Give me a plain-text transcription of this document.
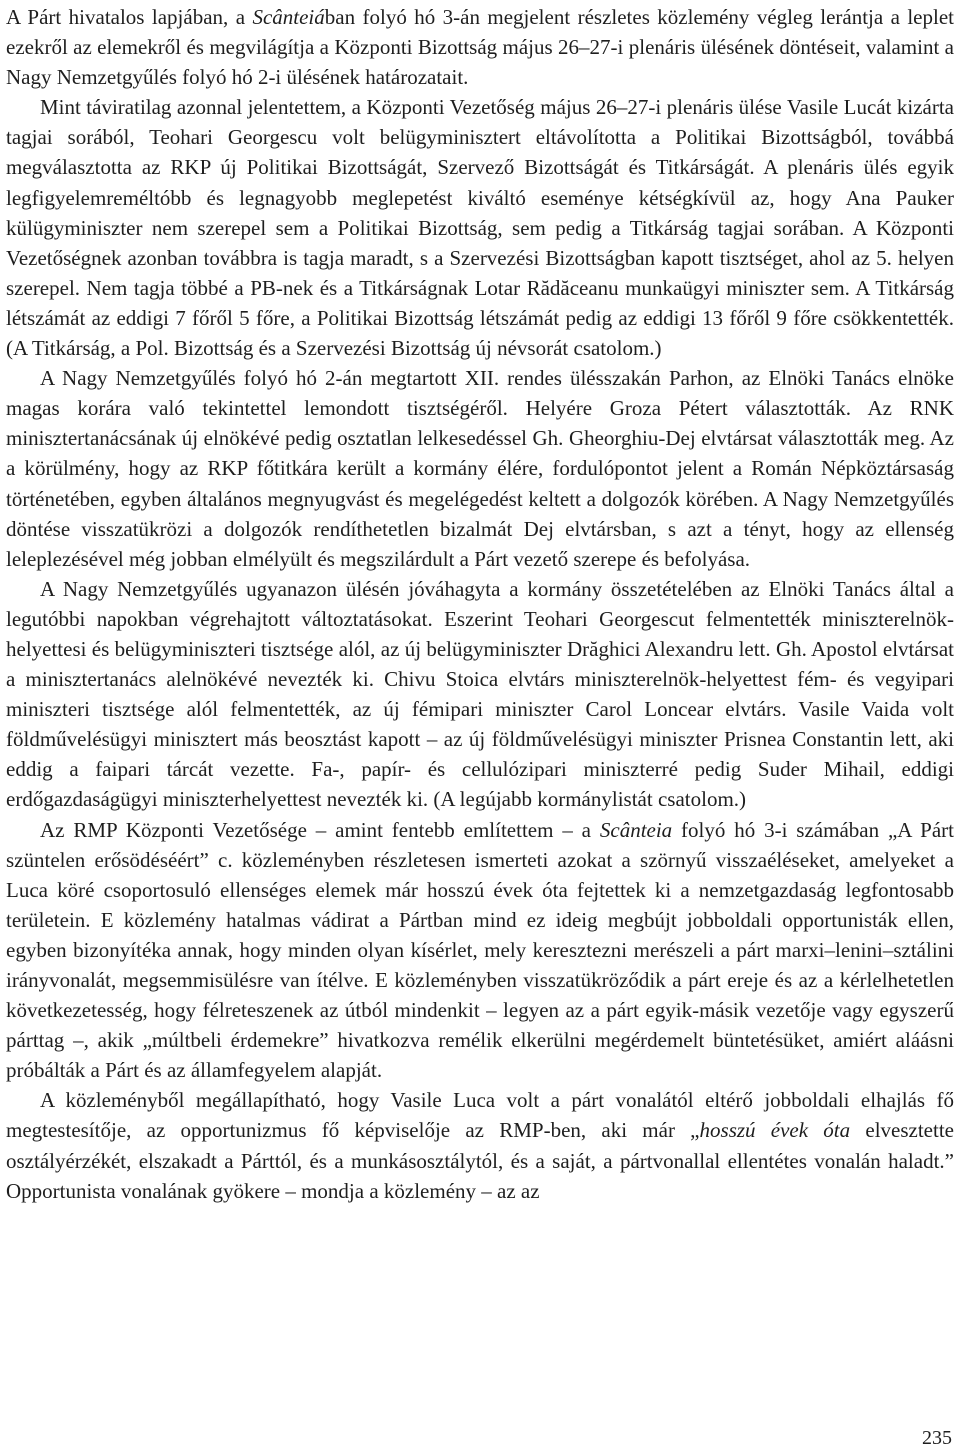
A Párt hivatalos lapjában, a Scânteiában folyó hó 3-án megjelent részletes közlemény végleg lerántja a leplet ezekről az elemekről és megvilágítja a Központi Bizottság május 26–27-i plenáris ülésének döntéseit, valamint a Nagy Nemzetgyűlés folyó hó 2-i ülésének határozatait.

Mint táviratilag azonnal jelentettem, a Központi Vezetőség május 26–27-i plenáris ülése Vasile Lucát kizárta tagjai sorából, Teohari Georgescu volt belügyminisztert eltávolította a Politikai Bizottságból, továbbá megválasztotta az RKP új Politikai Bizottságát, Szervező Bizottságát és Titkárságát. A plenáris ülés egyik legfigyelemreméltóbb és legnagyobb meglepetést kiváltó eseménye kétségkívül az, hogy Ana Pauker külügyminiszter nem szerepel sem a Politikai Bizottság, sem pedig a Titkárság tagjai sorában. A Központi Vezetőségnek azonban továbbra is tagja maradt, s a Szervezési Bizottságban kapott tisztséget, ahol az 5. helyen szerepel. Nem tagja többé a PB-nek és a Titkárságnak Lotar Rădăceanu munkaügyi miniszter sem. A Titkárság létszámát az eddigi 7 főről 5 főre, a Politikai Bizottság létszámát pedig az eddigi 13 főről 9 főre csökkentették. (A Titkárság, a Pol. Bizottság és a Szervezési Bizottság új névsorát csatolom.)

A Nagy Nemzetgyűlés folyó hó 2-án megtartott XII. rendes ülésszakán Parhon, az Elnöki Tanács elnöke magas korára való tekintettel lemondott tisztségéről. Helyére Groza Pétert választották. Az RNK minisztertanácsának új elnökévé pedig osztatlan lelkesedéssel Gh. Gheorghiu-Dej elvtársat választották meg. Az a körülmény, hogy az RKP főtitkára került a kormány élére, fordulópontot jelent a Román Népköztársaság történetében, egyben általános megnyugvást és megelégedést keltett a dolgozók körében. A Nagy Nemzetgyűlés döntése visszatükrözi a dolgozók rendíthetetlen bizalmát Dej elvtársban, s azt a tényt, hogy az ellenség leleplezésével még jobban elmélyült és megszilárdult a Párt vezető szerepe és befolyása.

A Nagy Nemzetgyűlés ugyanazon ülésén jóváhagyta a kormány összetételében az Elnöki Tanács által a legutóbbi napokban végrehajtott változtatásokat. Eszerint Teohari Georgescut felmentették miniszterelnök-helyettesi és belügyminiszteri tisztsége alól, az új belügyminiszter Drăghici Alexandru lett. Gh. Apostol elvtársat a minisztertanács alelnökévé nevezték ki. Chivu Stoica elvtárs miniszterelnök-helyettest fém- és vegyipari miniszteri tisztsége alól felmentették, az új fémipari miniszter Carol Loncear elvtárs. Vasile Vaida volt földművelésügyi minisztert más beosztást kapott – az új földművelésügyi miniszter Prisnea Constantin lett, aki eddig a faipari tárcát vezette. Fa-, papír- és cellulózipari miniszterré pedig Suder Mihail, eddigi erdőgazdaságügyi miniszterhelyettest nevezték ki. (A legújabb kormánylistát csatolom.)

Az RMP Központi Vezetősége – amint fentebb említettem – a Scânteia folyó hó 3-i számában „A Párt szüntelen erősödéséért” c. közleményben részletesen ismerteti azokat a szörnyű visszaéléseket, amelyeket a Luca köré csoportosuló ellenséges elemek már hosszú évek óta fejtettek ki a nemzetgazdaság legfontosabb területein. E közlemény hatalmas vádirat a Pártban mind ez ideig megbújt jobboldali opportunisták ellen, egyben bizonyítéka annak, hogy minden olyan kísérlet, mely keresztezni merészeli a párt marxi–lenini–sztálini irányvonalát, megsemmisülésre van ítélve. E közleményben visszatükröződik a párt ereje és az a kérlelhetetlen következetesség, hogy félreteszenek az útból mindenkit – legyen az a párt egyik-másik vezetője vagy egyszerű párttag –, akik „múltbeli érdemekre” hivatkozva remélik elkerülni megérdemelt büntetésüket, amiért aláásni próbálták a Párt és az államfegyelem alapját.

A közleményből megállapítható, hogy Vasile Luca volt a párt vonalától eltérő jobboldali elhajlás fő megtestesítője, az opportunizmus fő képviselője az RMP-ben, aki már „hosszú évek óta elvesztette osztályérzékét, elszakadt a Párttól, és a munkásosztálytól, és a saját, a pártvonallal ellentétes vonalán haladt.” Opportunista vonalának gyökere – mondja a közlemény – az az

235
